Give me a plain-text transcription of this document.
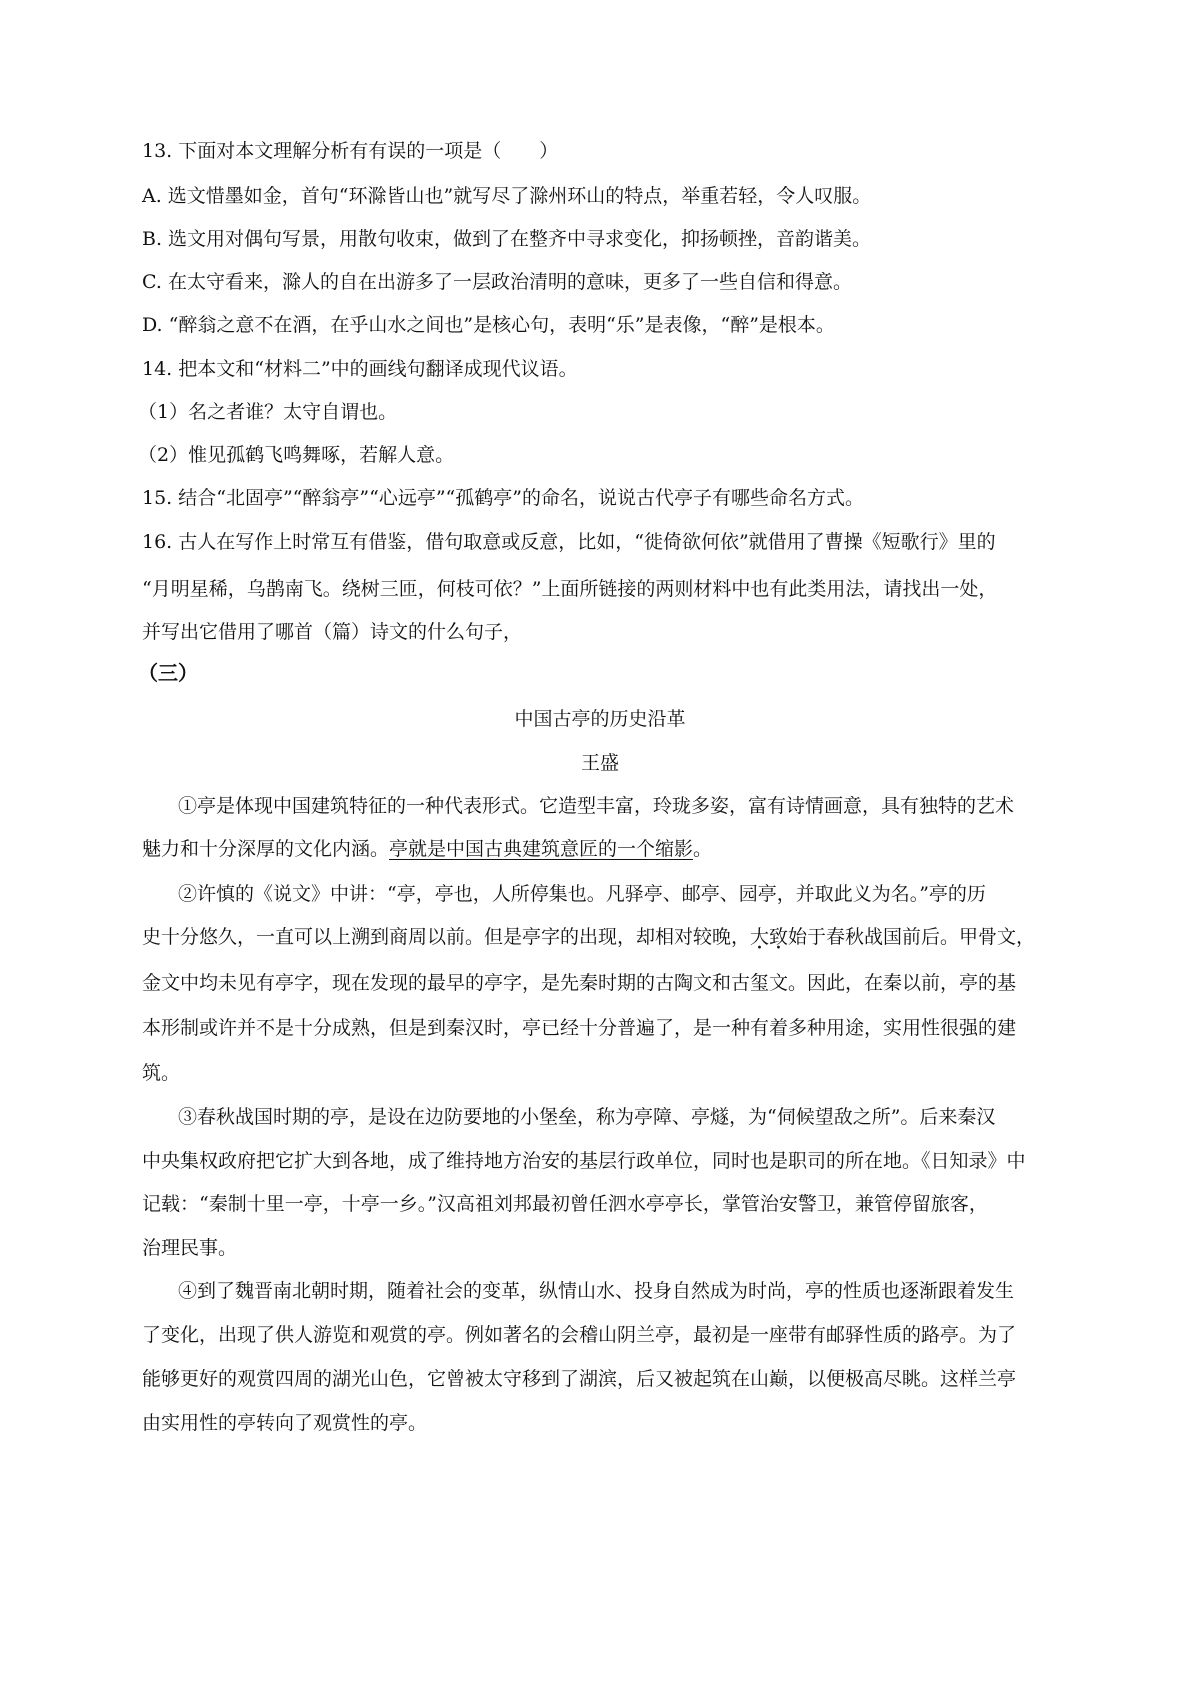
13. 下面对本文理解分析有有误的一项是（　　）

A. 选文惜墨如金，首句“环滁皆山也”就写尽了滁州环山的特点，举重若轻，令人叹服。

B. 选文用对偶句写景，用散句收束，做到了在整齐中寻求变化，抑扬顿挫，音韵谐美。

C. 在太守看来，滁人的自在出游多了一层政治清明的意味，更多了一些自信和得意。

D. “醉翁之意不在酒，在乎山水之间也”是核心句，表明“乐”是表像，“醉”是根本。

14. 把本文和“材料二”中的画线句翻译成现代议语。

（1）名之者谁？太守自谓也。

（2）惟见孤鹤飞鸣舞啄，若解人意。

15. 结合“北固亭”“醉翁亭”“心远亭”“孤鹤亭”的命名，说说古代亭子有哪些命名方式。

16. 古人在写作上时常互有借鉴，借句取意或反意，比如，“徙倚欲何依”就借用了曹操《短歌行》里的

“月明星稀，乌鹊南飞。绕树三匝，何枝可依？”上面所链接的两则材料中也有此类用法，请找出一处，

并写出它借用了哪首（篇）诗文的什么句子，

（三）

中国古亭的历史沿革

王盛

①亭是体现中国建筑特征的一种代表形式。它造型丰富，玲珑多姿，富有诗情画意，具有独特的艺术

魅力和十分深厚的文化内涵。亭就是中国古典建筑意匠的一个缩影。

②许慎的《说文》中讲：“亭，亭也，人所停集也。凡驿亭、邮亭、园亭，并取此义为名。”亭的历

史十分悠久，一直可以上溯到商周以前。但是亭字的出现，却相对较晚，大致始于春秋战国前后。甲骨文，

金文中均未见有亭字，现在发现的最早的亭字，是先秦时期的古陶文和古玺文。因此，在秦以前，亭的基

本形制或许并不是十分成熟，但是到秦汉时，亭已经十分普遍了，是一种有着多种用途，实用性很强的建

筑。

③春秋战国时期的亭，是设在边防要地的小堡垒，称为亭障、亭燧，为“伺候望敌之所”。后来秦汉

中央集权政府把它扩大到各地，成了维持地方治安的基层行政单位，同时也是职司的所在地。《日知录》中

记载：“秦制十里一亭，十亭一乡。”汉高祖刘邦最初曾任泗水亭亭长，掌管治安警卫，兼管停留旅客，

治理民事。

④到了魏晋南北朝时期，随着社会的变革，纵情山水、投身自然成为时尚，亭的性质也逐渐跟着发生

了变化，出现了供人游览和观赏的亭。例如著名的会稽山阴兰亭，最初是一座带有邮驿性质的路亭。为了

能够更好的观赏四周的湖光山色，它曾被太守移到了湖滨，后又被起筑在山巅，以便极高尽眺。这样兰亭

由实用性的亭转向了观赏性的亭。
